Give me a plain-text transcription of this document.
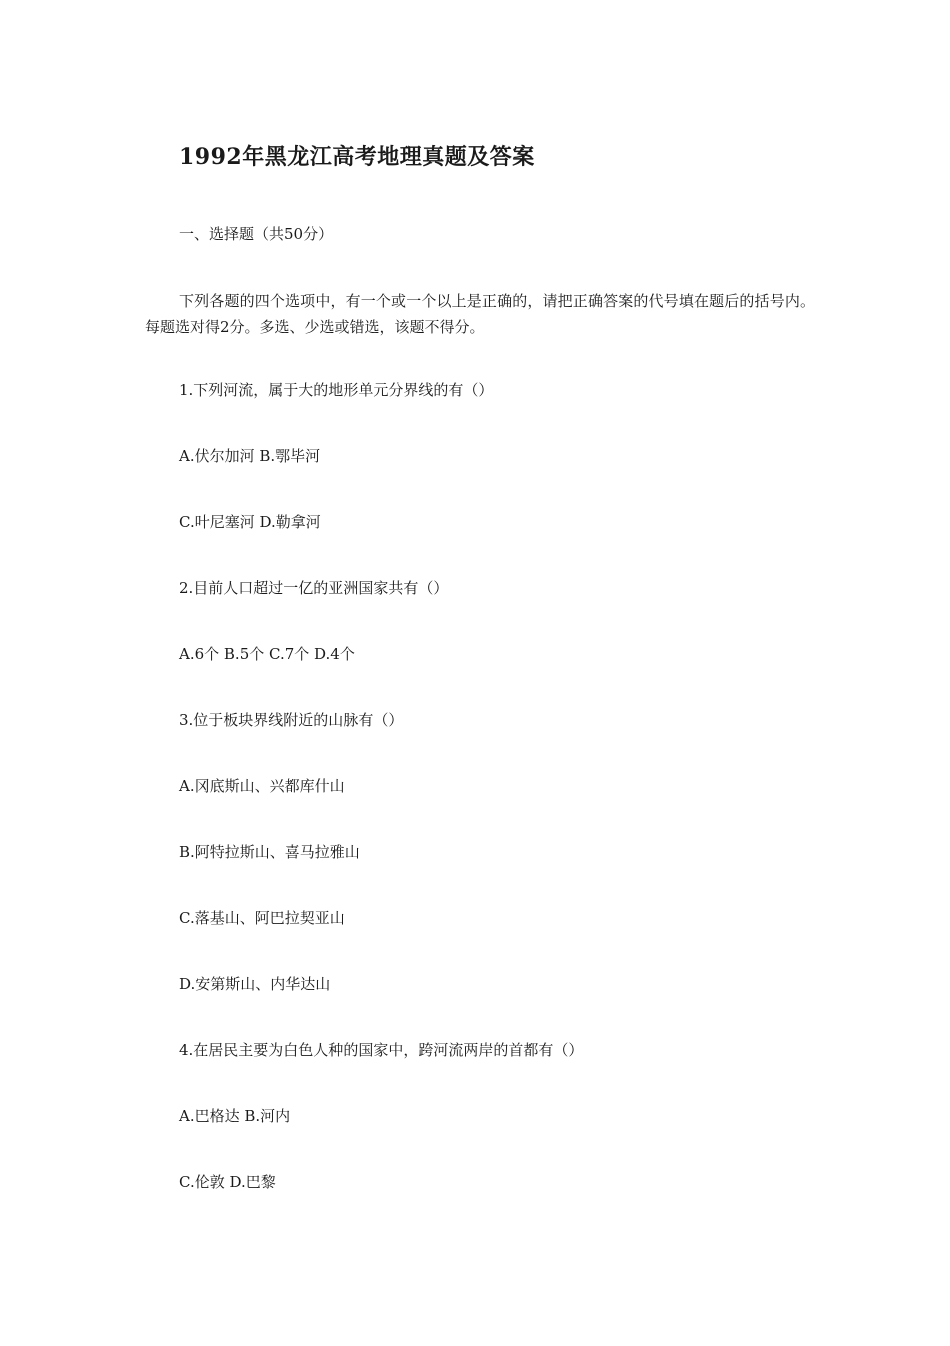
1992年黑龙江高考地理真题及答案
一、选择题（共50分）
下列各题的四个选项中，有一个或一个以上是正确的，请把正确答案的代号填在题后的括号内。每题选对得2分。多选、少选或错选，该题不得分。
1.下列河流，属于大的地形单元分界线的有（）
A.伏尔加河 B.鄂毕河
C.叶尼塞河 D.勒拿河
2.目前人口超过一亿的亚洲国家共有（）
A.6个 B.5个 C.7个 D.4个
3.位于板块界线附近的山脉有（）
A.冈底斯山、兴都库什山
B.阿特拉斯山、喜马拉雅山
C.落基山、阿巴拉契亚山
D.安第斯山、内华达山
4.在居民主要为白色人种的国家中，跨河流两岸的首都有（）
A.巴格达 B.河内
C.伦敦 D.巴黎
